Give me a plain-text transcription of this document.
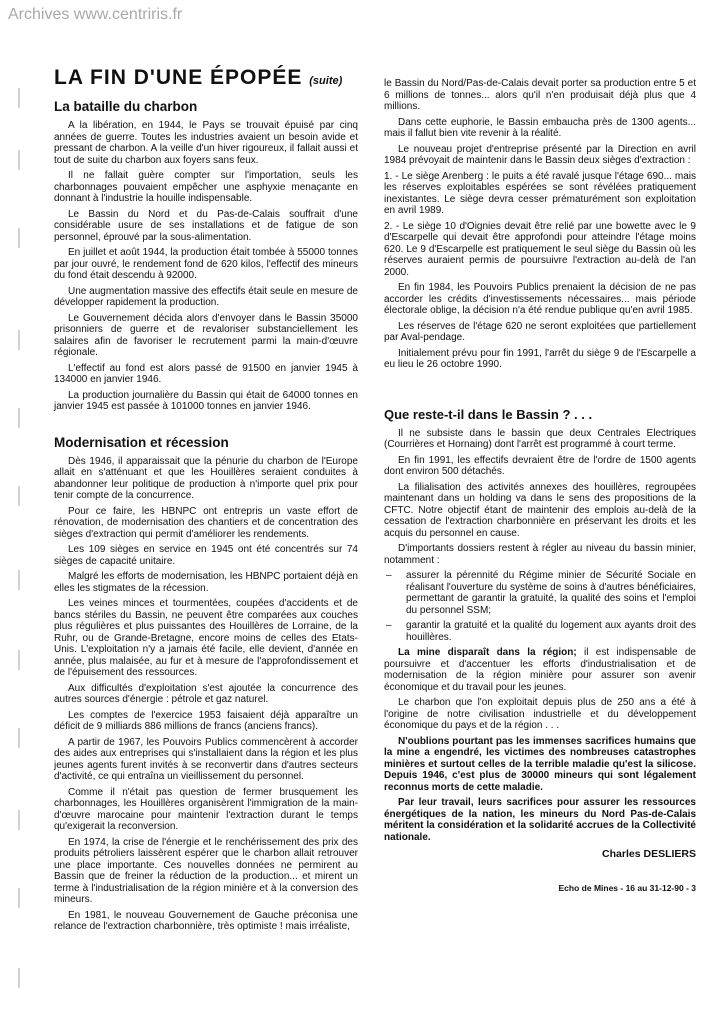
Archives www.centriris.fr
LA FIN D'UNE ÉPOPÉE (suite)
La bataille du charbon

A la libération, en 1944, le Pays se trouvait épuisé par cinq années de guerre. Toutes les industries avaient un besoin avide et pressant de charbon. A la veille d'un hiver rigoureux, il fallait aussi et tout de suite du charbon aux foyers sans feux.

Il ne fallait guère compter sur l'importation, seuls les charbonnages pouvaient empêcher une asphyxie menaçante en donnant à l'industrie la houille indispensable.

Le Bassin du Nord et du Pas-de-Calais souffrait d'une considérable usure de ses installations et de fatigue de son personnel, éprouvé par la sous-alimentation.

En juillet et août 1944, la production était tombée à 55000 tonnes par jour ouvré, le rendement fond de 620 kilos, l'effectif des mineurs du fond était descendu à 92000.

Une augmentation massive des effectifs était seule en mesure de développer rapidement la production.

Le Gouvernement décida alors d'envoyer dans le Bassin 35000 prisonniers de guerre et de revaloriser substanciellement les salaires afin de favoriser le recrutement parmi la main-d'œuvre régionale.

L'effectif au fond est alors passé de 91500 en janvier 1945 à 134000 en janvier 1946.

La production journalière du Bassin qui était de 64000 tonnes en janvier 1945 est passée à 101000 tonnes en janvier 1946.

Modernisation et récession

Dès 1946, il apparaissait que la pénurie du charbon de l'Europe allait en s'atténuant et que les Houillères seraient conduites à abandonner leur politique de production à n'importe quel prix pour tenir compte de la concurrence.

Pour ce faire, les HBNPC ont entrepris un vaste effort de rénovation, de modernisation des chantiers et de concentration des sièges d'extraction qui permit d'améliorer les rendements.

Les 109 sièges en service en 1945 ont été concentrés sur 74 sièges de capacité unitaire.

Malgré les efforts de modernisation, les HBNPC portaient déjà en elles les stigmates de la récession.

Les veines minces et tourmentées, coupées d'accidents et de bancs stériles du Bassin, ne peuvent être comparées aux couches plus régulières et plus puissantes des Houillères de Lorraine, de la Ruhr, ou de Grande-Bretagne, encore moins de celles des Etats-Unis. L'exploitation n'y a jamais été facile, elle devient, d'année en année, plus malaisée, au fur et à mesure de l'approfondissement et de l'épuisement des ressources.

Aux difficultés d'exploitation s'est ajoutée la concurrence des autres sources d'énergie : pétrole et gaz naturel.

Les comptes de l'exercice 1953 faisaient déjà apparaître un déficit de 9 milliards 886 millions de francs (anciens francs).

A partir de 1967, les Pouvoirs Publics commencèrent à accorder des aides aux entreprises qui s'installaient dans la région et les plus jeunes agents furent invités à se reconvertir dans d'autres secteurs d'activité, ce qui entraîna un vieillissement du personnel.

Comme il n'était pas question de fermer brusquement les charbonnages, les Houillères organisèrent l'immigration de la main-d'œuvre marocaine pour maintenir l'extraction durant le temps qu'exigerait la reconversion.

En 1974, la crise de l'énergie et le renchérissement des prix des produits pétroliers laissèrent espérer que le charbon allait retrouver une place importante. Ces nouvelles données ne permirent au Bassin que de freiner la réduction de la production... et mirent un terme à l'industrialisation de la région minière et à la conversion des mineurs.

En 1981, le nouveau Gouvernement de Gauche préconisa une relance de l'extraction charbonnière, très optimiste ! mais irréaliste,

le Bassin du Nord/Pas-de-Calais devait porter sa production entre 5 et 6 millions de tonnes... alors qu'il n'en produisait déjà plus que 4 millions.

Dans cette euphorie, le Bassin embaucha près de 1300 agents... mais il fallut bien vite revenir à la réalité.

Le nouveau projet d'entreprise présenté par la Direction en avril 1984 prévoyait de maintenir dans le Bassin deux sièges d'extraction :

1. - Le siège Arenberg : le puits a été ravalé jusque l'étage 690... mais les réserves exploitables espérées se sont révélées pratiquement inexistantes. Le siège devra cesser prématurément son exploitation en avril 1989.

2. - Le siège 10 d'Oignies devait être relié par une bowette avec le 9 d'Escarpelle qui devait être approfondi pour atteindre l'étage moins 620. Le 9 d'Escarpelle est pratiquement le seul siège du Bassin où les réserves auraient permis de poursuivre l'extraction au-delà de l'an 2000.

En fin 1984, les Pouvoirs Publics prenaient la décision de ne pas accorder les crédits d'investissements nécessaires... mais période électorale oblige, la décision n'a été rendue publique qu'en avril 1985.

Les réserves de l'étage 620 ne seront exploitées que partiellement par Aval-pendage.

Initialement prévu pour fin 1991, l'arrêt du siège 9 de l'Escarpelle a eu lieu le 26 octobre 1990.

Que reste-t-il dans le Bassin ? . . .

Il ne subsiste dans le bassin que deux Centrales Electriques (Courrières et Hornaing) dont l'arrêt est programmé à court terme.

En fin 1991, les effectifs devraient être de l'ordre de 1500 agents dont environ 500 détachés.

La filialisation des activités annexes des houillères, regroupées maintenant dans un holding va dans le sens des propositions de la CFTC. Notre objectif étant de maintenir des emplois au-delà de la cessation de l'extraction charbonnière en préservant les droits et les acquis du personnel en cause.

D'importants dossiers restent à régler au niveau du bassin minier, notamment :

– assurer la pérennité du Régime minier de Sécurité Sociale en réalisant l'ouverture du système de soins à d'autres bénéficiaires, permettant de garantir la gratuité, la qualité des soins et l'emploi du personnel SSM;
– garantir la gratuité et la qualité du logement aux ayants droit des houillères.

La mine disparaît dans la région; il est indispensable de poursuivre et d'accentuer les efforts d'industrialisation et de modernisation de la région minière pour assurer son avenir économique et du travail pour les jeunes.

Le charbon que l'on exploitait depuis plus de 250 ans a été à l'origine de notre civilisation industrielle et du développement économique du pays et de la région . . .

N'oublions pourtant pas les immenses sacrifices humains que la mine a engendré, les victimes des nombreuses catastrophes minières et surtout celles de la terrible maladie qu'est la silicose. Depuis 1946, c'est plus de 30000 mineurs qui sont légalement reconnus morts de cette maladie.

Par leur travail, leurs sacrifices pour assurer les ressources énergétiques de la nation, les mineurs du Nord Pas-de-Calais méritent la considération et la solidarité accrues de la Collectivité nationale.

Charles DESLIERS
Echo de Mines - 16 au 31-12-90 - 3
